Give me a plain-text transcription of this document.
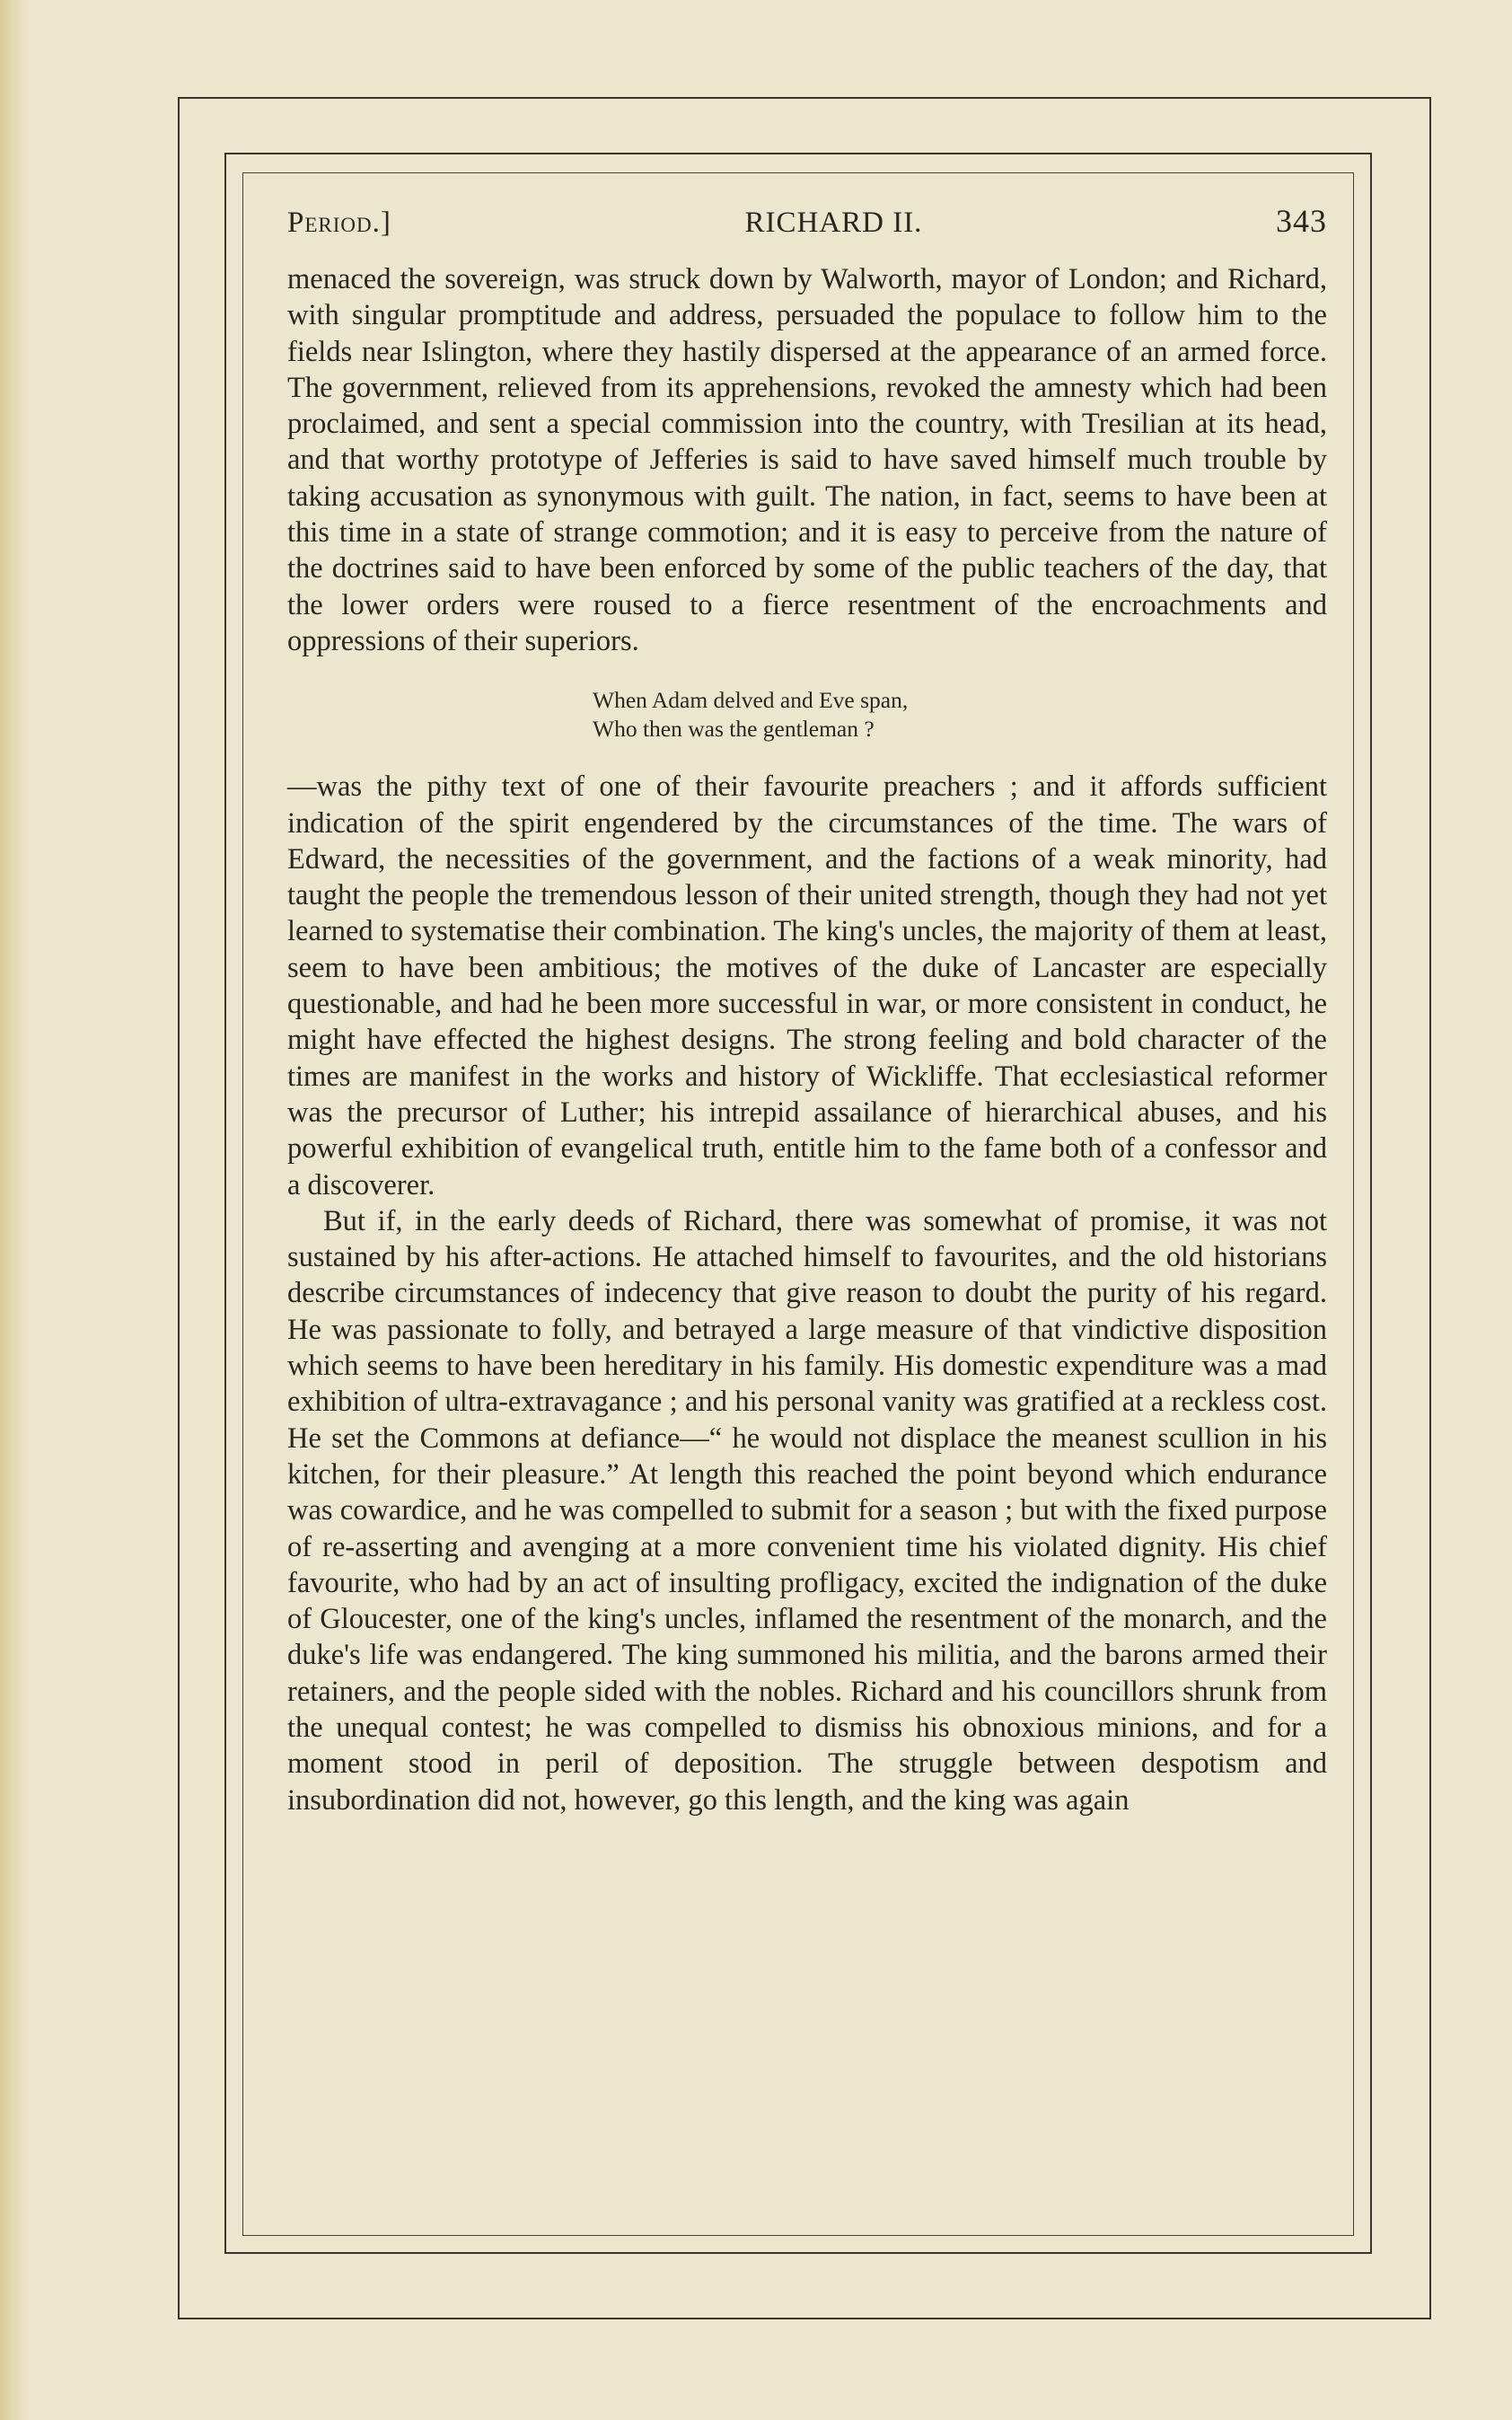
Period.]	RICHARD II.	343

menaced the sovereign, was struck down by Walworth, mayor of London; and Richard, with singular promptitude and address, persuaded the populace to follow him to the fields near Islington, where they hastily dispersed at the appearance of an armed force. The government, relieved from its apprehensions, revoked the amnesty which had been proclaimed, and sent a special commission into the country, with Tresilian at its head, and that worthy prototype of Jefferies is said to have saved himself much trouble by taking accusation as synonymous with guilt. The nation, in fact, seems to have been at this time in a state of strange commotion; and it is easy to perceive from the nature of the doctrines said to have been enforced by some of the public teachers of the day, that the lower orders were roused to a fierce resentment of the encroachments and oppressions of their superiors.

When Adam delved and Eve span,
Who then was the gentleman ?

—was the pithy text of one of their favourite preachers ; and it affords sufficient indication of the spirit engendered by the circumstances of the time. The wars of Edward, the necessities of the government, and the factions of a weak minority, had taught the people the tremendous lesson of their united strength, though they had not yet learned to systematise their combination. The king's uncles, the majority of them at least, seem to have been ambitious; the motives of the duke of Lancaster are especially questionable, and had he been more successful in war, or more consistent in conduct, he might have effected the highest designs. The strong feeling and bold character of the times are manifest in the works and history of Wickliffe. That ecclesiastical reformer was the precursor of Luther; his intrepid assailance of hierarchical abuses, and his powerful exhibition of evangelical truth, entitle him to the fame both of a confessor and a discoverer.

But if, in the early deeds of Richard, there was somewhat of promise, it was not sustained by his after-actions. He attached himself to favourites, and the old historians describe circumstances of indecency that give reason to doubt the purity of his regard. He was passionate to folly, and betrayed a large measure of that vindictive disposition which seems to have been hereditary in his family. His domestic expenditure was a mad exhibition of ultra-extravagance ; and his personal vanity was gratified at a reckless cost. He set the Commons at defiance—“ he would not displace the meanest scullion in his kitchen, for their pleasure.” At length this reached the point beyond which endurance was cowardice, and he was compelled to submit for a season ; but with the fixed purpose of re-asserting and avenging at a more convenient time his violated dignity. His chief favourite, who had by an act of insulting profligacy, excited the indignation of the duke of Gloucester, one of the king's uncles, inflamed the resentment of the monarch, and the duke's life was endangered. The king summoned his militia, and the barons armed their retainers, and the people sided with the nobles. Richard and his councillors shrunk from the unequal contest; he was compelled to dismiss his obnoxious minions, and for a moment stood in peril of deposition. The struggle between despotism and insubordination did not, however, go this length, and the king was again
